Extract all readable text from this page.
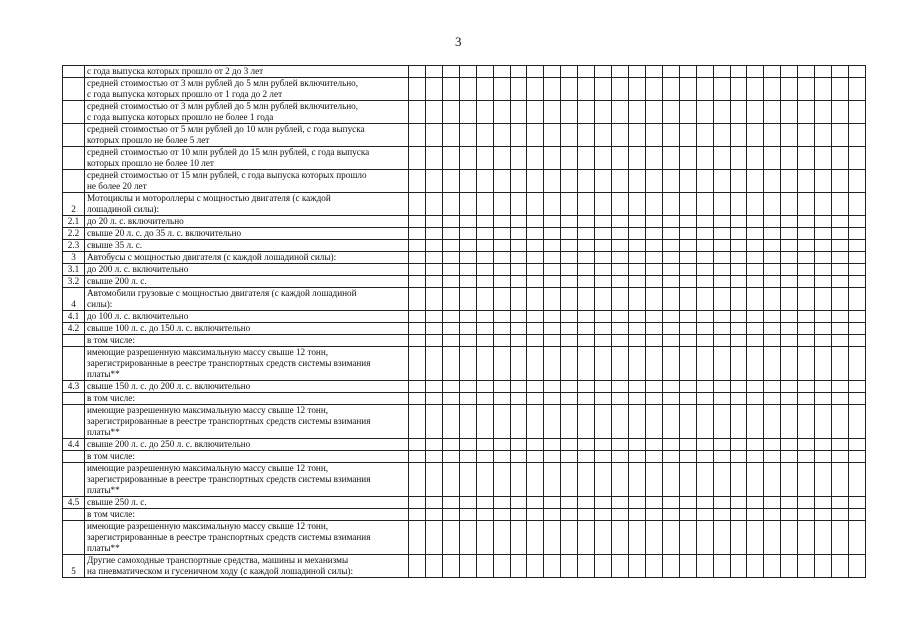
3

	с года выпуска которых прошло от 2 до 3 лет																											

	средней стоимостью от 3 млн рублей до 5 млн рублей включительно,
с года выпуска которых прошло от 1 года до 2 лет																											

	средней стоимостью от 3 млн рублей до 5 млн рублей включительно,
с года выпуска которых прошло не более 1 года																											

	средней стоимостью от 5 млн рублей до 10 млн рублей, с года выпуска
которых прошло не более 5 лет																											

	средней стоимостью от 10 млн рублей до 15 млн рублей, с года выпуска
которых прошло не более 10 лет																											

	средней стоимостью от 15 млн рублей, с года выпуска которых прошло
не более 20 лет																											

2	Мотоциклы и мотороллеры с мощностью двигателя (с каждой
лошадиной силы):																											

2.1	до 20 л. с. включительно																											

2.2	свыше 20 л. с. до 35 л. с. включительно																											

2.3	свыше 35 л. с.																											

3	Автобусы с мощностью двигателя (с каждой лошадиной силы):																											

3.1	до 200 л. с. включительно																											

3.2	свыше 200 л. с.																											

4	Автомобили грузовые с мощностью двигателя (с каждой лошадиной
силы):																											

4.1	до 100 л. с. включительно																											

4.2	свыше 100 л. с. до 150 л. с. включительно																											

	в том числе:																											

	имеющие разрешенную максимальную массу свыше 12 тонн,
зарегистрированные в реестре транспортных средств системы взимания
платы**																											

4.3	свыше 150 л. с. до 200 л. с. включительно																											

	в том числе:																											

	имеющие разрешенную максимальную массу свыше 12 тонн,
зарегистрированные в реестре транспортных средств системы взимания
платы**																											

4.4	свыше 200 л. с. до 250 л. с. включительно																											

	в том числе:																											

	имеющие разрешенную максимальную массу свыше 12 тонн,
зарегистрированные в реестре транспортных средств системы взимания
платы**																											

4.5	свыше 250 л. с.																											

	в том числе:																											

	имеющие разрешенную максимальную массу свыше 12 тонн,
зарегистрированные в реестре транспортных средств системы взимания
платы**																											

5	Другие самоходные транспортные средства, машины и механизмы
на пневматическом и гусеничном ходу (с каждой лошадиной силы):																											
